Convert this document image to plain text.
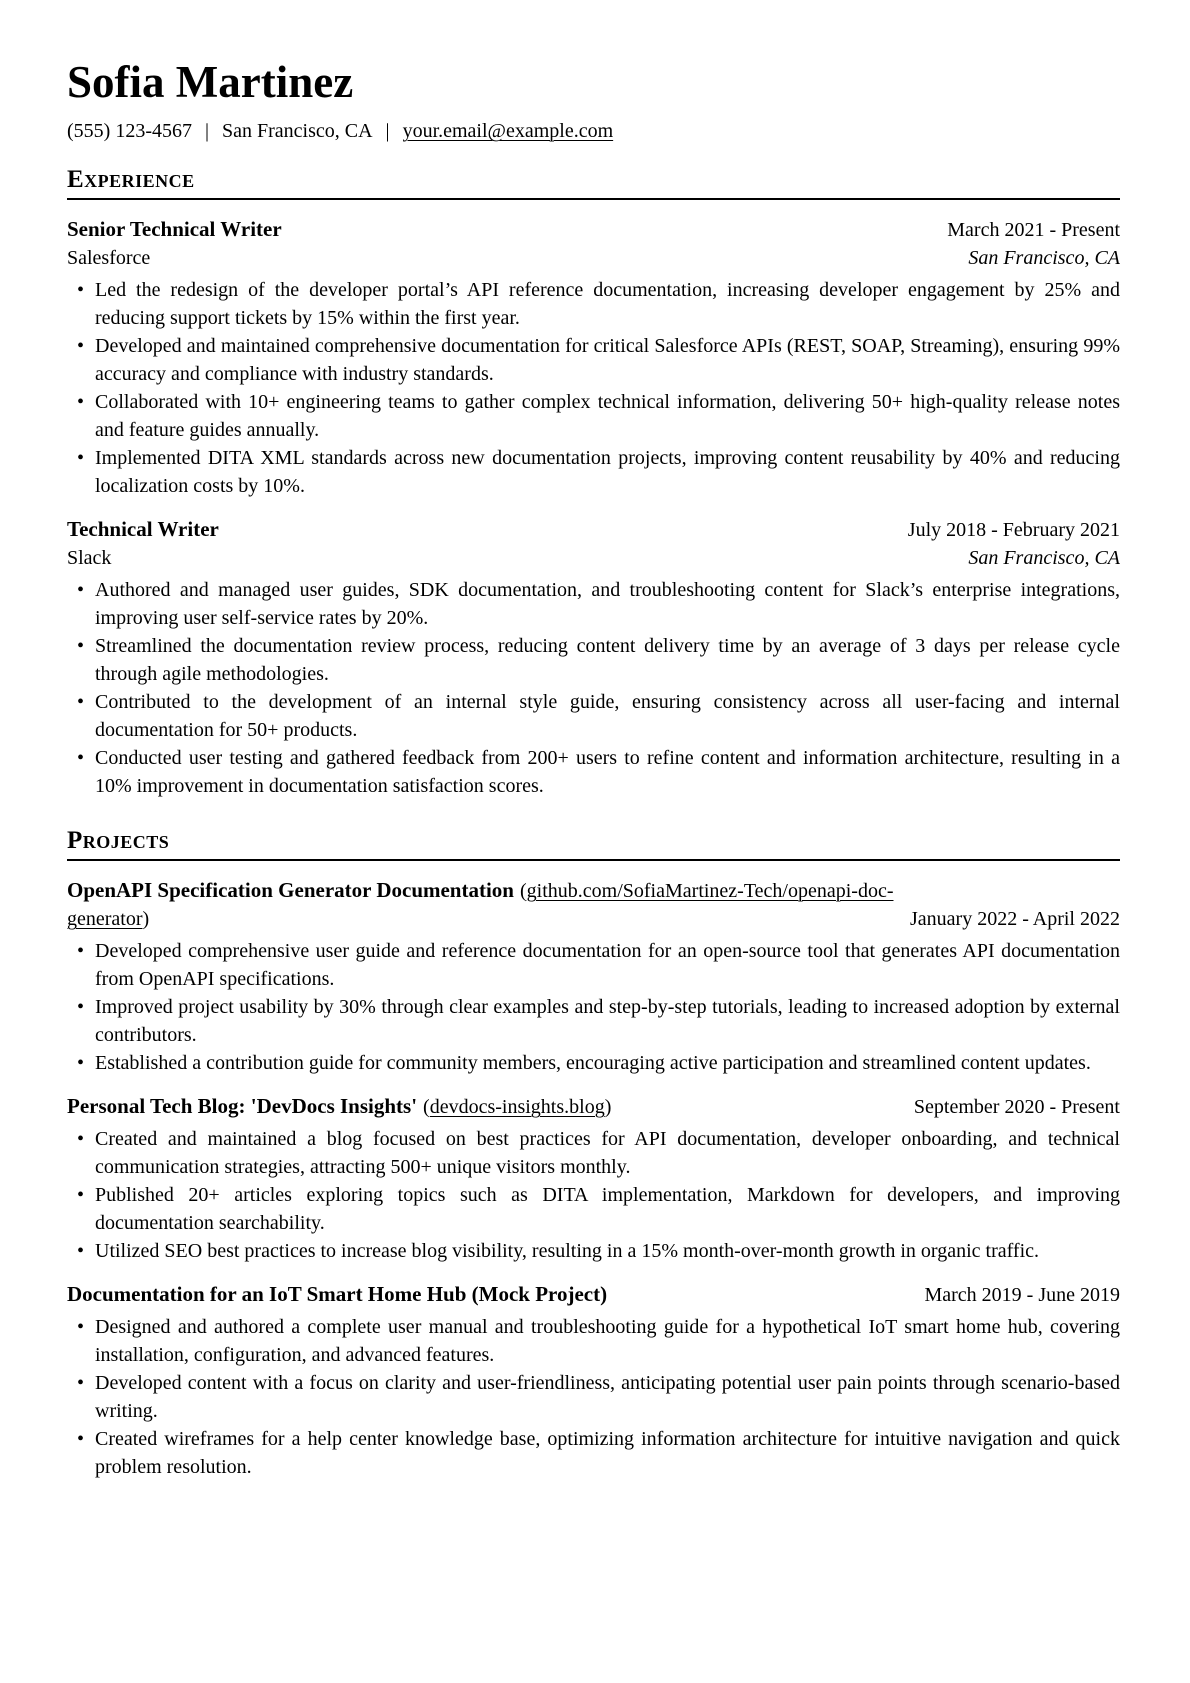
Sofia Martinez
(555) 123-4567 | San Francisco, CA | your.email@example.com
Experience
Senior Technical Writer	March 2021 - Present
Salesforce	San Francisco, CA
• Led the redesign of the developer portal’s API reference documentation, increasing developer engagement by 25% and reducing support tickets by 15% within the first year.
• Developed and maintained comprehensive documentation for critical Salesforce APIs (REST, SOAP, Streaming), ensuring 99% accuracy and compliance with industry standards.
• Collaborated with 10+ engineering teams to gather complex technical information, delivering 50+ high-quality release notes and feature guides annually.
• Implemented DITA XML standards across new documentation projects, improving content reusability by 40% and reducing localization costs by 10%.
Technical Writer	July 2018 - February 2021
Slack	San Francisco, CA
• Authored and managed user guides, SDK documentation, and troubleshooting content for Slack’s enterprise integrations, improving user self-service rates by 20%.
• Streamlined the documentation review process, reducing content delivery time by an average of 3 days per release cycle through agile methodologies.
• Contributed to the development of an internal style guide, ensuring consistency across all user-facing and internal documentation for 50+ products.
• Conducted user testing and gathered feedback from 200+ users to refine content and information architecture, resulting in a 10% improvement in documentation satisfaction scores.
Projects
OpenAPI Specification Generator Documentation (github.com/SofiaMartinez-Tech/openapi-doc-
generator)	January 2022 - April 2022
• Developed comprehensive user guide and reference documentation for an open-source tool that generates API documentation from OpenAPI specifications.
• Improved project usability by 30% through clear examples and step-by-step tutorials, leading to increased adoption by external contributors.
• Established a contribution guide for community members, encouraging active participation and streamlined content updates.
Personal Tech Blog: 'DevDocs Insights' (devdocs-insights.blog)	September 2020 - Present
• Created and maintained a blog focused on best practices for API documentation, developer onboarding, and technical communication strategies, attracting 500+ unique visitors monthly.
• Published 20+ articles exploring topics such as DITA implementation, Markdown for developers, and improving documentation searchability.
• Utilized SEO best practices to increase blog visibility, resulting in a 15% month-over-month growth in organic traffic.
Documentation for an IoT Smart Home Hub (Mock Project)	March 2019 - June 2019
• Designed and authored a complete user manual and troubleshooting guide for a hypothetical IoT smart home hub, covering installation, configuration, and advanced features.
• Developed content with a focus on clarity and user-friendliness, anticipating potential user pain points through scenario-based writing.
• Created wireframes for a help center knowledge base, optimizing information architecture for intuitive navigation and quick problem resolution.
